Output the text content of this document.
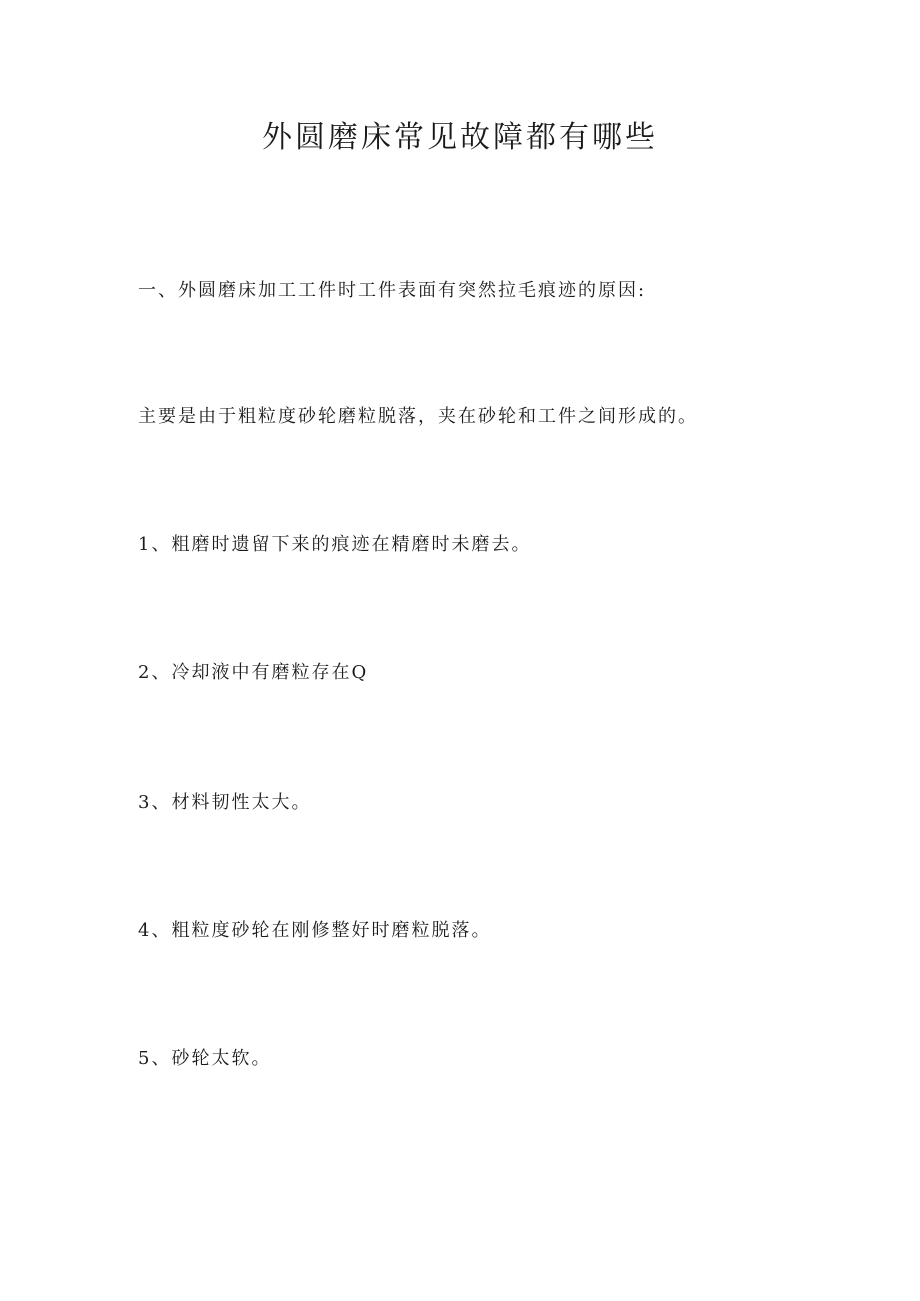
外圆磨床常见故障都有哪些

一、外圆磨床加工工件时工件表面有突然拉毛痕迹的原因:

主要是由于粗粒度砂轮磨粒脱落，夹在砂轮和工件之间形成的。

1、粗磨时遗留下来的痕迹在精磨时未磨去。

2、冷却液中有磨粒存在Q

3、材料韧性太大。

4、粗粒度砂轮在刚修整好时磨粒脱落。

5、砂轮太软。
